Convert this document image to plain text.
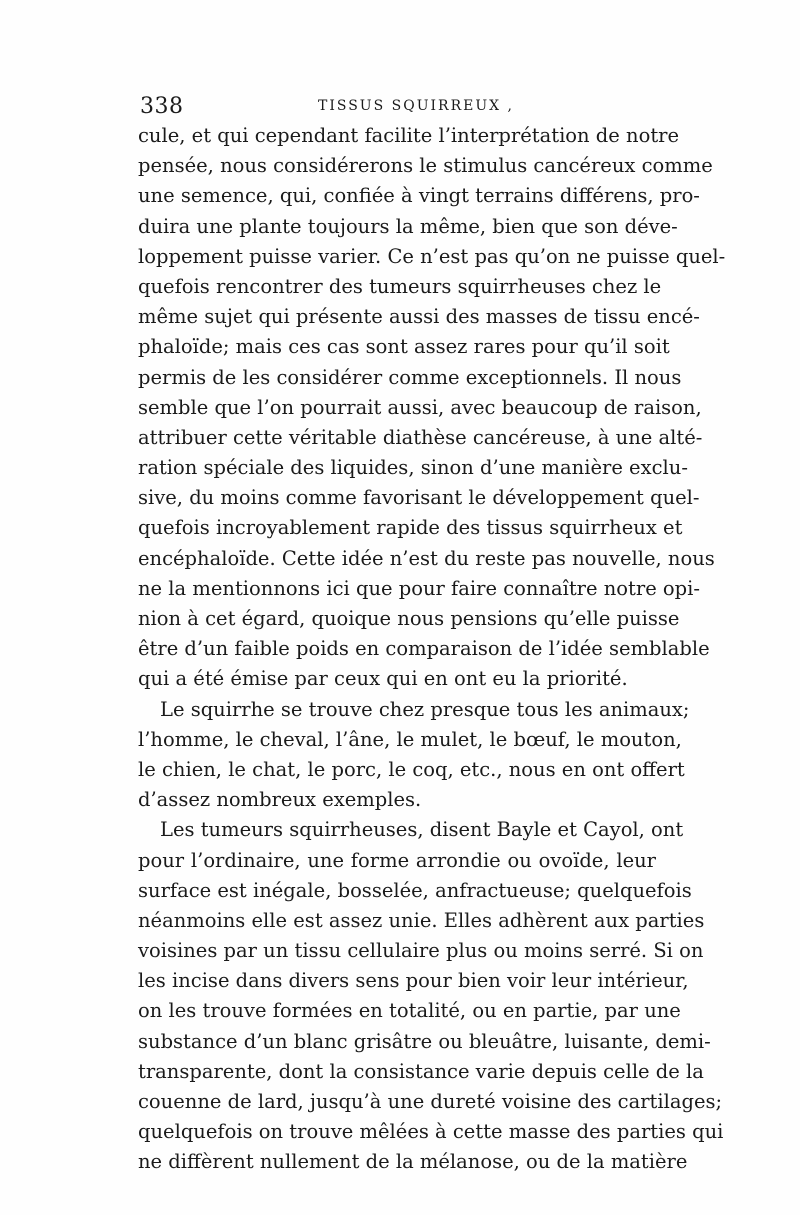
338	TISSUS SQUIRREUX ,
cule, et qui cependant facilite l’interprétation de notre
pensée, nous considérerons le stimulus cancéreux comme
une semence, qui, confiée à vingt terrains différens, pro-
duira une plante toujours la même, bien que son déve-
loppement puisse varier. Ce n’est pas qu’on ne puisse quel-
quefois rencontrer des tumeurs squirrheuses chez le
même sujet qui présente aussi des masses de tissu encé-
phaloïde; mais ces cas sont assez rares pour qu’il soit
permis de les considérer comme exceptionnels. Il nous
semble que l’on pourrait aussi, avec beaucoup de raison,
attribuer cette véritable diathèse cancéreuse, à une alté-
ration spéciale des liquides, sinon d’une manière exclu-
sive, du moins comme favorisant le développement quel-
quefois incroyablement rapide des tissus squirrheux et
encéphaloïde. Cette idée n’est du reste pas nouvelle, nous
ne la mentionnons ici que pour faire connaître notre opi-
nion à cet égard, quoique nous pensions qu’elle puisse
être d’un faible poids en comparaison de l’idée semblable
qui a été émise par ceux qui en ont eu la priorité.
Le squirrhe se trouve chez presque tous les animaux;
l’homme, le cheval, l’âne, le mulet, le bœuf, le mouton,
le chien, le chat, le porc, le coq, etc., nous en ont offert
d’assez nombreux exemples.
Les tumeurs squirrheuses, disent Bayle et Cayol, ont
pour l’ordinaire, une forme arrondie ou ovoïde, leur
surface est inégale, bosselée, anfractueuse; quelquefois
néanmoins elle est assez unie. Elles adhèrent aux parties
voisines par un tissu cellulaire plus ou moins serré. Si on
les incise dans divers sens pour bien voir leur intérieur,
on les trouve formées en totalité, ou en partie, par une
substance d’un blanc grisâtre ou bleuâtre, luisante, demi-
transparente, dont la consistance varie depuis celle de la
couenne de lard, jusqu’à une dureté voisine des cartilages;
quelquefois on trouve mêlées à cette masse des parties qui
ne diffèrent nullement de la mélanose, ou de la matière
